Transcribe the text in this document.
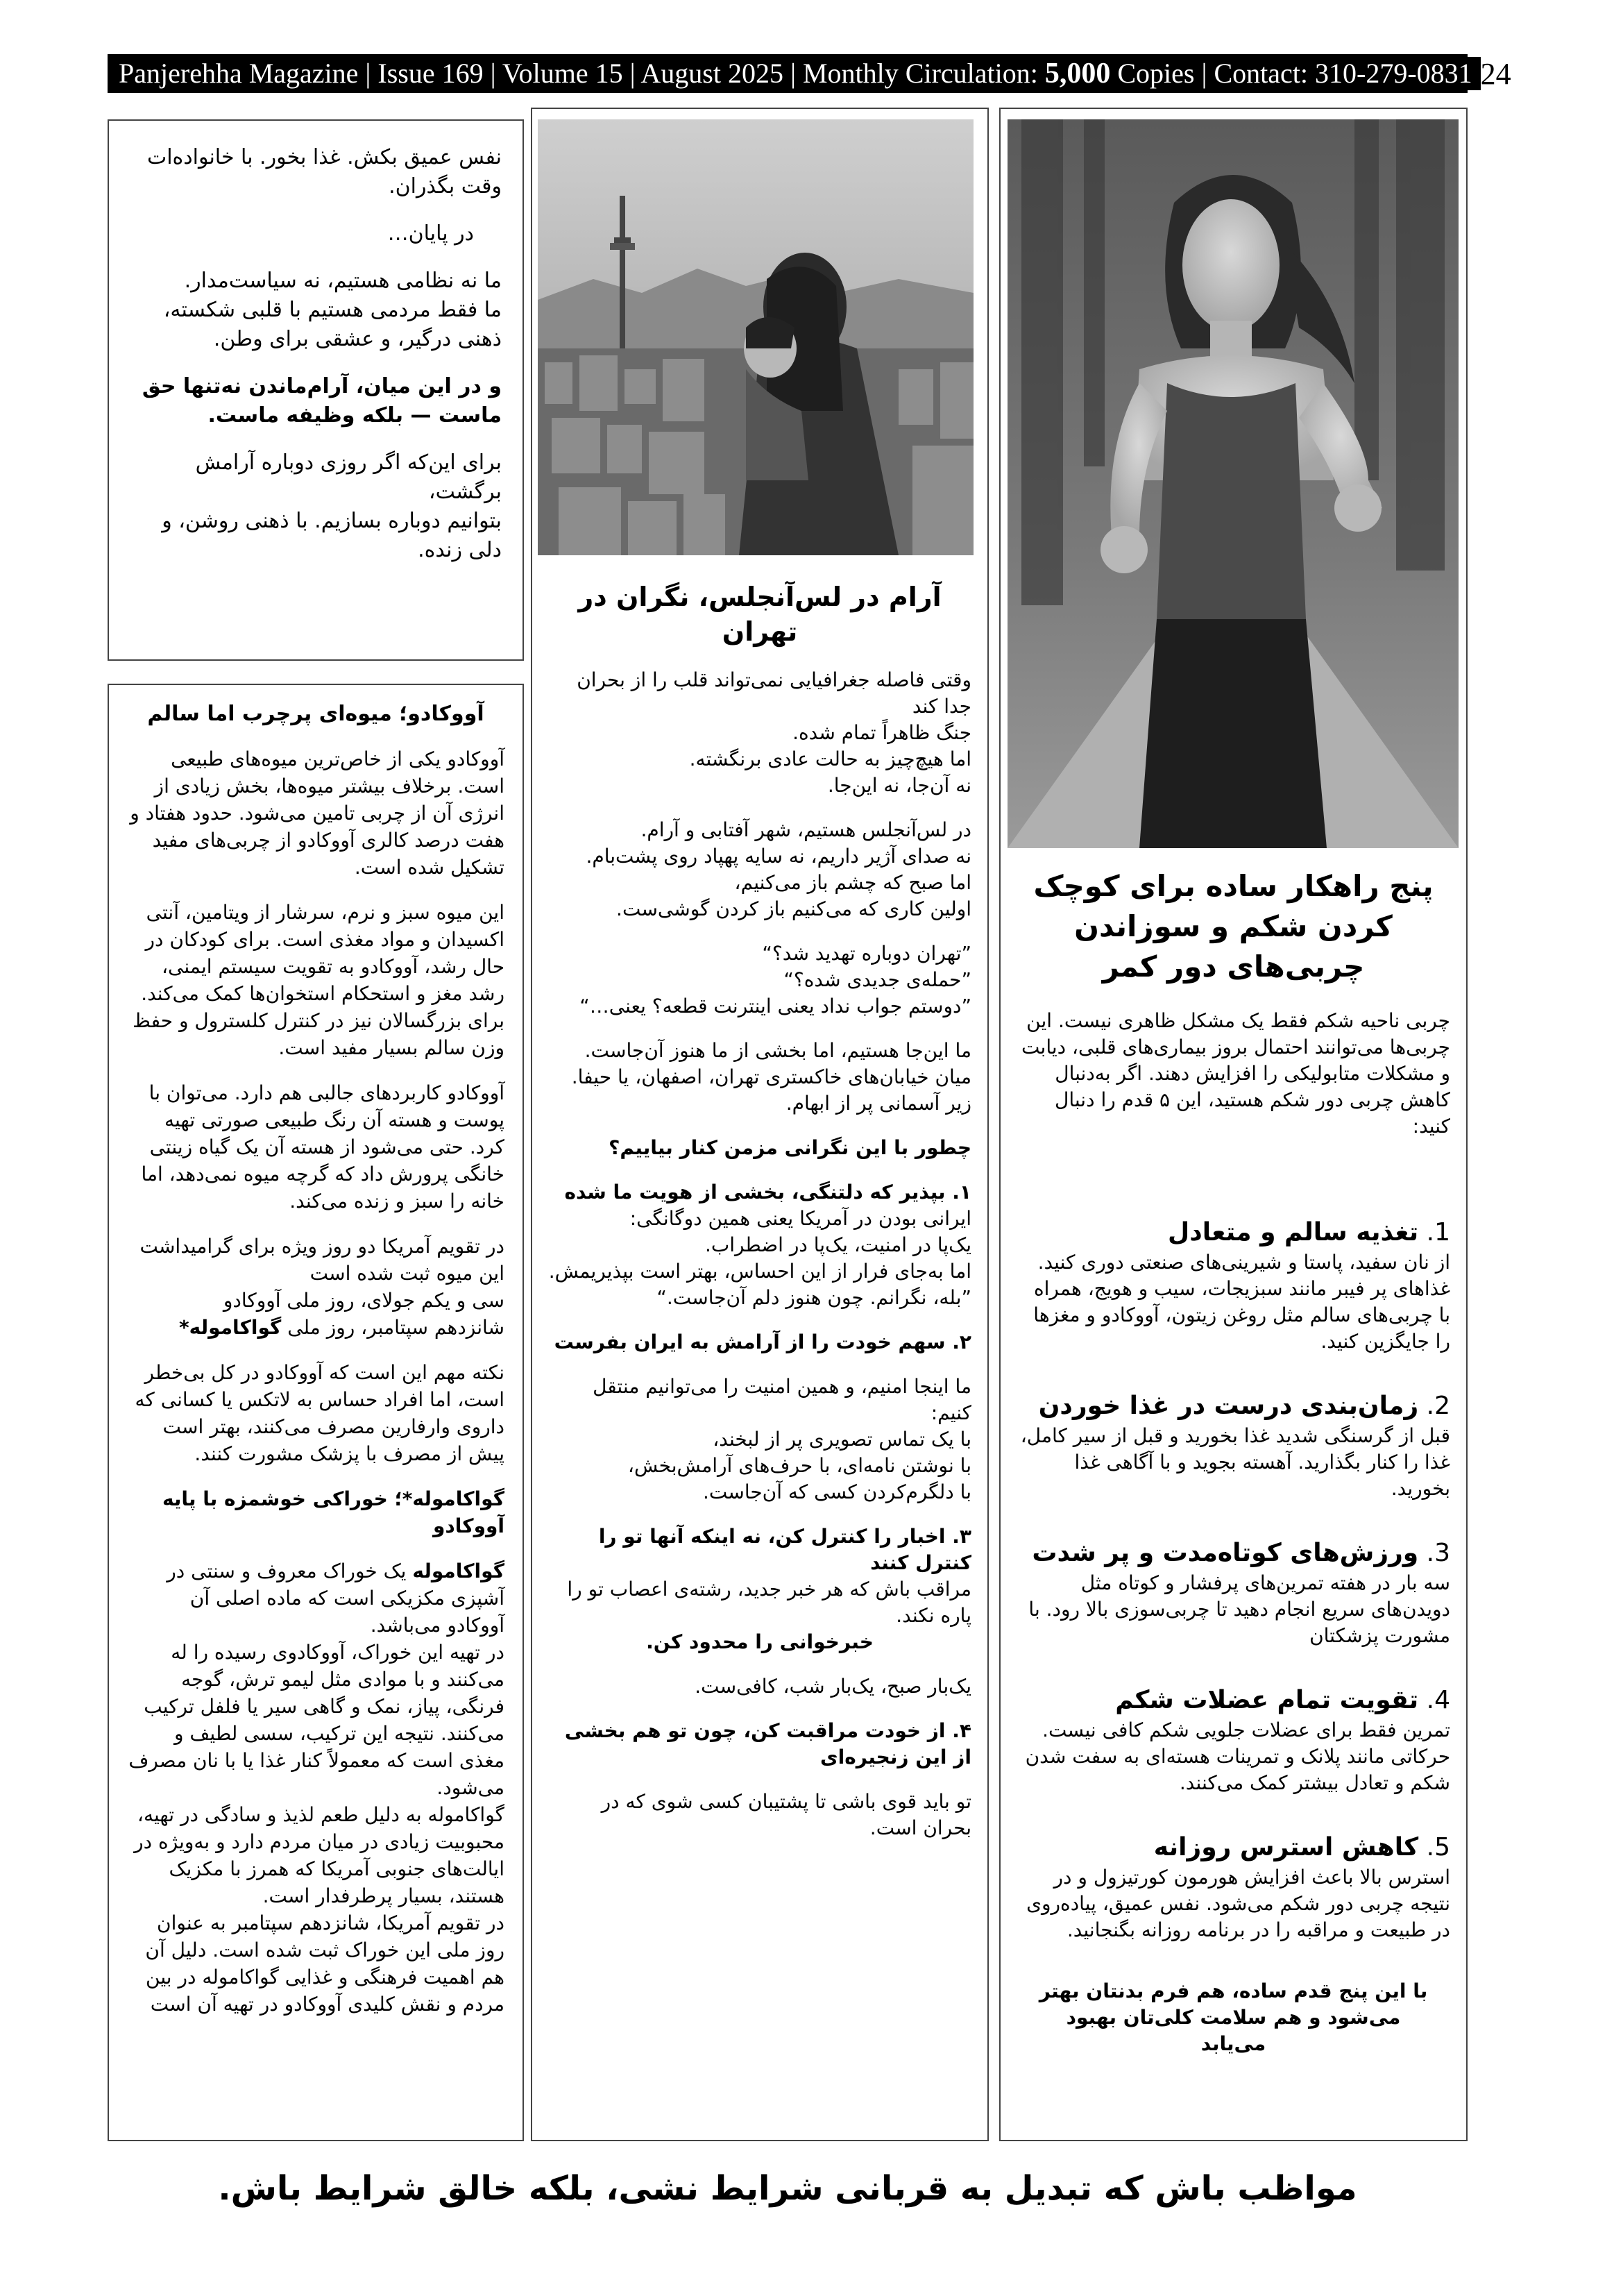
Panjerehha Magazine | Issue 169 | Volume 15 | August 2025 | Monthly Circulation: 5,000 Copies | Contact: 310-279-0831 24

نفس عمیق بکش. غذا بخور. با خانواده‌ات وقت بگذران.

در پایان…

ما نه نظامی هستیم، نه سیاست‌مدار.

ما فقط مردمی هستیم با قلبی شکسته، ذهنی درگیر، و عشقی برای وطن.

و در این میان، آرام‌ماندن نه‌تنها حق ماست — بلکه وظیفه ماست.

برای این‌که اگر روزی دوباره آرامش برگشت،

بتوانیم دوباره بسازیم. با ذهنی روشن، و دلی زنده.

آووکادو؛ میوه‌ای پرچرب اما سالم

آووکادو یکی از خاص‌ترین میوه‌های طبیعی است. برخلاف بیشتر میوه‌ها، بخش زیادی از انرژی آن از چربی تامین می‌شود. حدود هفتاد و هفت درصد کالری آووکادو از چربی‌های مفید تشکیل شده است.

این میوه سبز و نرم، سرشار از ویتامین، آنتی اکسیدان و مواد مغذی است. برای کودکان در حال رشد، آووکادو به تقویت سیستم ایمنی، رشد مغز و استحکام استخوان‌ها کمک می‌کند. برای بزرگسالان نیز در کنترل کلسترول و حفظ وزن سالم بسیار مفید است.

آووکادو کاربردهای جالبی هم دارد. می‌توان با پوست و هسته آن رنگ طبیعی صورتی تهیه کرد. حتی می‌شود از هسته آن یک گیاه زینتی خانگی پرورش داد که گرچه میوه نمی‌دهد، اما خانه را سبز و زنده می‌کند.

در تقویم آمریکا دو روز ویژه برای گرامیداشت این میوه ثبت شده است

سی و یکم جولای، روز ملی آووکادو

شانزدهم سپتامبر، روز ملی گواکاموله*

نکته مهم این است که آووکادو در کل بی‌خطر است، اما افراد حساس به لاتکس یا کسانی که داروی وارفارین مصرف می‌کنند، بهتر است پیش از مصرف با پزشک مشورت کنند.

گواکامولە*؛ خوراکی خوشمزه با پایه آووکادو

گواکامولە یک خوراک معروف و سنتی در آشپزی مکزیکی است که ماده اصلی آن آووکادو می‌باشد.

در تهیه این خوراک، آووکادوی رسیده را له می‌کنند و با موادی مثل لیمو ترش، گوجه فرنگی، پیاز، نمک و گاهی سیر یا فلفل ترکیب می‌کنند. نتیجه این ترکیب، سسی لطیف و مغذی است که معمولاً کنار غذا یا با نان مصرف می‌شود.

گواکامولە به دلیل طعم لذیذ و سادگی در تهیه، محبوبیت زیادی در میان مردم دارد و به‌ویژه در ایالت‌های جنوبی آمریکا که همرز با مکزیک هستند، بسیار پرطرفدار است.

در تقویم آمریکا، شانزدهم سپتامبر به عنوان روز ملی این خوراک ثبت شده است. دلیل آن هم اهمیت فرهنگی و غذایی گواکامولە در بین مردم و نقش کلیدی آووکادو در تهیه آن است

آرام در لس‌آنجلس، نگران در تهران

وقتی فاصله جغرافیایی نمی‌تواند قلب را از بحران جدا کند

جنگ ظاهراً تمام شده.

اما هیچ‌چیز به حالت عادی برنگشته.

نه آن‌جا، نه این‌جا.

در لس‌آنجلس هستیم، شهر آفتابی و آرام.

نه صدای آژیر داریم، نه سایه پهپاد روی پشت‌بام.

اما صبح که چشم باز می‌کنیم،

اولین کاری که می‌کنیم باز کردن گوشی‌ست.

”تهران دوباره تهدید شد؟“

”حمله‌ی جدیدی شده؟“

”دوستم جواب نداد یعنی اینترنت قطعه؟ یعنی…“

ما این‌جا هستیم، اما بخشی از ما هنوز آن‌جاست. میان خیابان‌های خاکستری تهران، اصفهان، یا حیفا. زیر آسمانی پر از ابهام.

چطور با این نگرانی مزمن کنار بیاییم؟

۱. بپذیر که دلتنگی، بخشی از هویت ما شده

ایرانی بودن در آمریکا یعنی همین دوگانگی:

یک‌پا در امنیت، یک‌پا در اضطراب.

اما به‌جای فرار از این احساس، بهتر است بپذیریمش.

”بله، نگرانم. چون هنوز دلم آن‌جاست.“

۲. سهم خودت را از آرامش به ایران بفرست

ما اینجا امنیم، و همین امنیت را می‌توانیم منتقل کنیم:

با یک تماس تصویری پر از لبخند،

با نوشتن نامه‌ای، با حرف‌های آرامش‌بخش،

با دلگرم‌کردن کسی که آن‌جاست.

۳. اخبار را کنترل کن، نه اینکه آنها تو را کنترل کنند

مراقب باش که هر خبر جدید، رشته‌ی اعصاب تو را پاره نکند.

خبرخوانی را محدود کن.

یک‌بار صبح، یک‌بار شب، کافی‌ست.

۴. از خودت مراقبت کن، چون تو هم بخشی از این زنجیره‌ای

تو باید قوی باشی تا پشتیبان کسی شوی که در بحران است.

پنج راهکار ساده برای کوچک کردن شکم و سوزاندن چربی‌های دور کمر

چربی ناحیه شکم فقط یک مشکل ظاهری نیست. این چربی‌ها می‌توانند احتمال بروز بیماری‌های قلبی، دیابت و مشکلات متابولیکی را افزایش دهند. اگر به‌دنبال کاهش چربی دور شکم هستید، این ۵ قدم را دنبال کنید:

1. تغذیه سالم و متعادل

از نان سفید، پاستا و شیرینی‌های صنعتی دوری کنید. غذاهای پر فیبر مانند سبزیجات، سیب و هویج، همراه با چربی‌های سالم مثل روغن زیتون، آووکادو و مغزها را جایگزین کنید.

2. زمان‌بندی درست در غذا خوردن

قبل از گرسنگی شدید غذا بخورید و قبل از سیر کامل، غذا را کنار بگذارید. آهسته بجوید و با آگاهی غذا بخورید.

3. ورزش‌های کوتاه‌مدت و پر شدت

سه بار در هفته تمرین‌های پرفشار و کوتاه مثل دویدن‌های سریع انجام دهید تا چربی‌سوزی بالا رود. با مشورت پزشکتان

4. تقویت تمام عضلات شکم

تمرین فقط برای عضلات جلویی شکم کافی نیست. حرکاتی مانند پلانک و تمرینات هسته‌ای به سفت شدن شکم و تعادل بیشتر کمک می‌کنند.

5. کاهش استرس روزانه

استرس بالا باعث افزایش هورمون کورتیزول و در نتیجه چربی دور شکم می‌شود. نفس عمیق، پیاده‌روی در طبیعت و مراقبه را در برنامه روزانه بگنجانید.

با این پنج قدم ساده، هم فرم بدنتان بهتر می‌شود و هم سلامت کلی‌تان بهبود می‌یابد

مواظب باش که تبدیل به قربانی شرایط نشی، بلکه خالق شرایط باش.
